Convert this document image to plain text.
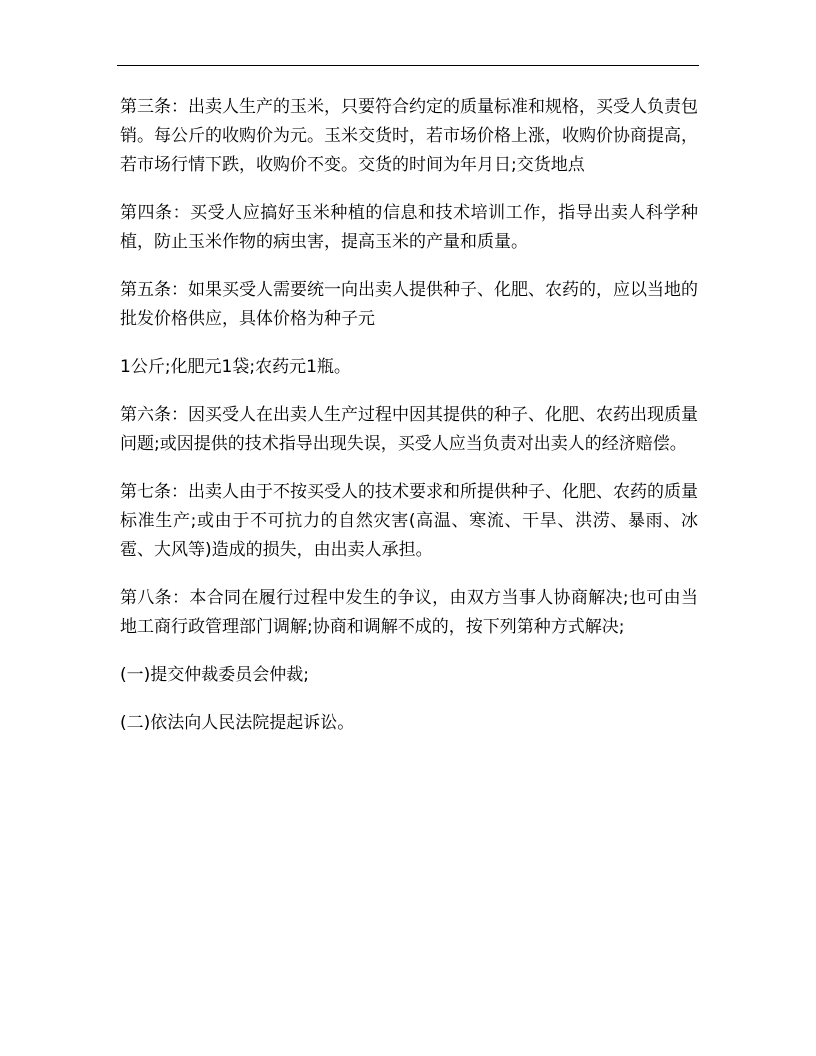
第三条：出卖人生产的玉米，只要符合约定的质量标准和规格，买受人负责包销。每公斤的收购价为元。玉米交货时，若市场价格上涨，收购价协商提高，若市场行情下跌，收购价不变。交货的时间为年月日;交货地点

第四条：买受人应搞好玉米种植的信息和技术培训工作，指导出卖人科学种植，防止玉米作物的病虫害，提高玉米的产量和质量。

第五条：如果买受人需要统一向出卖人提供种子、化肥、农药的，应以当地的批发价格供应，具体价格为种子元

1公斤;化肥元1袋;农药元1瓶。

第六条：因买受人在出卖人生产过程中因其提供的种子、化肥、农药出现质量问题;或因提供的技术指导出现失误，买受人应当负责对出卖人的经济赔偿。

第七条：出卖人由于不按买受人的技术要求和所提供种子、化肥、农药的质量标准生产;或由于不可抗力的自然灾害(高温、寒流、干旱、洪涝、暴雨、冰雹、大风等)造成的损失，由出卖人承担。

第八条：本合同在履行过程中发生的争议，由双方当事人协商解决;也可由当地工商行政管理部门调解;协商和调解不成的，按下列第种方式解决;

(一)提交仲裁委员会仲裁;

(二)依法向人民法院提起诉讼。
